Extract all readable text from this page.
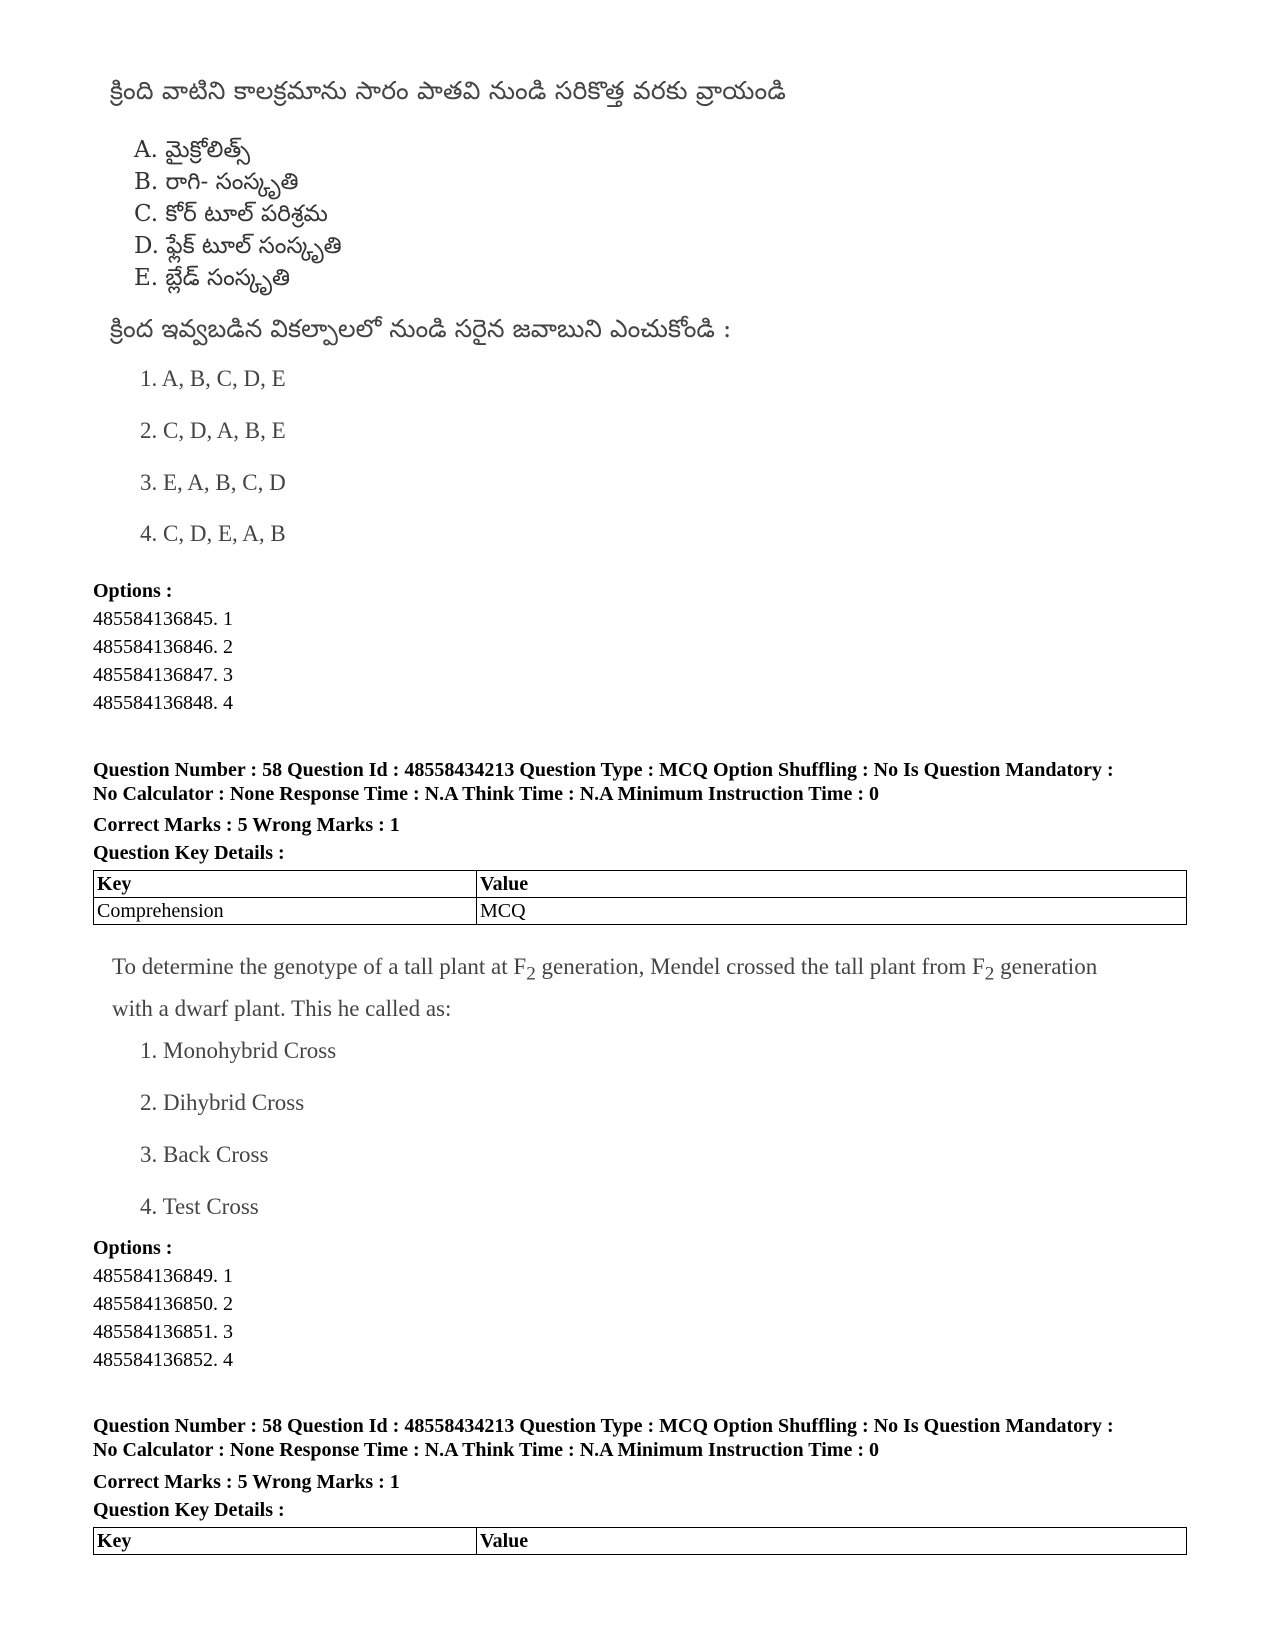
క్రింది వాటిని కాలక్రమాను సారం పాతవి నుండి సరికొత్త వరకు వ్రాయండి
A. మైక్రోలిత్స్
B. రాగి- సంస్కృతి
C. కోర్ టూల్ పరిశ్రమ
D. ఫ్లేక్ టూల్ సంస్కృతి
E. బ్లేడ్ సంస్కృతి
క్రింద ఇవ్వబడిన వికల్పాలలో నుండి సరైన జవాబుని ఎంచుకోండి :
1. A, B, C, D, E
2. C, D, A, B, E
3. E, A, B, C, D
4. C, D, E, A, B
Options :
485584136845. 1
485584136846. 2
485584136847. 3
485584136848. 4
Question Number : 58 Question Id : 48558434213 Question Type : MCQ Option Shuffling : No Is Question Mandatory :
No Calculator : None Response Time : N.A Think Time : N.A Minimum Instruction Time : 0
Correct Marks : 5 Wrong Marks : 1
Question Key Details :
Key	Value
Comprehension	MCQ
To determine the genotype of a tall plant at $F_2$ generation, Mendel crossed the tall plant from $F_2$ generation
with a dwarf plant. This he called as:
1. Monohybrid Cross
2. Dihybrid Cross
3. Back Cross
4. Test Cross
Options :
485584136849. 1
485584136850. 2
485584136851. 3
485584136852. 4
Question Number : 58 Question Id : 48558434213 Question Type : MCQ Option Shuffling : No Is Question Mandatory :
No Calculator : None Response Time : N.A Think Time : N.A Minimum Instruction Time : 0
Correct Marks : 5 Wrong Marks : 1
Question Key Details :
Key	Value
